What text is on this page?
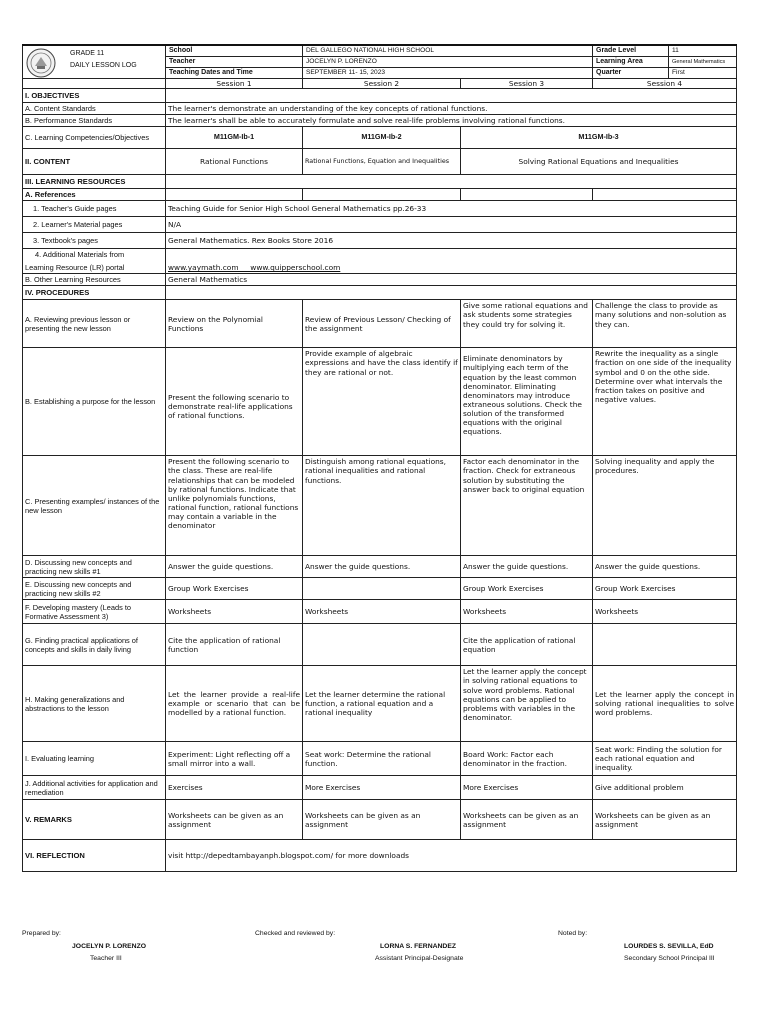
GRADE 11
DAILY LESSON LOG	School	DEL GALLEGO NATIONAL HIGH SCHOOL		Grade Level	11
	Teacher	JOCELYN P. LORENZO		Learning Area	General Mathematics
	Teaching Dates and Time	SEPTEMBER 11- 15, 2023		Quarter	First
	Session 1	Session 2	Session 3	Session 4	
I. OBJECTIVES					
A. Content Standards	The learner's demonstrate an understanding of the key concepts of rational functions.				
B. Performance Standards	The learner's shall be able to accurately formulate and solve real-life problems involving rational functions.				
C. Learning Competencies/Objectives	M11GM-Ib-1	M11GM-Ib-2	M11GM-Ib-3		
II. CONTENT	Rational Functions	Rational Functions, Equation and Inequalities	Solving Rational Equations and Inequalities		
III. LEARNING RESOURCES					
A. References					
1. Teacher's Guide pages	Teaching Guide for Senior High School General Mathematics pp.26-33				
2. Learner's Material pages	N/A				
3. Textbook's pages	General Mathematics. Rex Books Store 2016				

4. Additional Materials from
Learning Resource (LR) portal	www.yaymath.com     www.quipperschool.com				
B. Other Learning Resources	General Mathematics				
IV. PROCEDURES					
A. Reviewing previous lesson or presenting the new lesson	Review on the Polynomial Functions	Review of Previous Lesson/ Checking of the assignment	Give some rational equations and ask students some strategies they could try for solving it.	Challenge the class to provide as many solutions and non-solution as they can.	
B. Establishing a purpose for the lesson	Present the following scenario to demonstrate real-life applications of rational functions.	Provide example of algebraic expressions and have the class identify if they are rational or not.	Eliminate denominators by multiplying each term of the equation by the least common denominator. Eliminating denominators may introduce extraneous solutions. Check the solution of the transformed equations with the original equations.	Rewrite the inequality as a single fraction on one side of the inequality symbol and 0 on the othe side. Determine over what intervals the fraction takes on positive and negative values.	
C. Presenting examples/ instances of the new lesson	Present the following scenario to the class. These are real-life relationships that can be modeled by rational functions. Indicate that unlike polynomials functions, rational function, rational functions may contain a variable in the denominator	Distinguish among rational equations, rational inequalities and rational functions.	Factor each denominator in the fraction. Check for extraneous solution by substituting the answer back to original equation	Solving inequality and apply the procedures.	
D. Discussing new concepts and practicing new skills #1	Answer the guide questions.	Answer the guide questions.	Answer the guide questions.	Answer the guide questions.	
E. Discussing new concepts and practicing new skills #2	Group Work Exercises		Group Work Exercises	Group Work Exercises	
F. Developing mastery (Leads to Formative Assessment 3)	Worksheets	Worksheets	Worksheets	Worksheets	
G. Finding practical applications of concepts and skills in daily living	Cite the application of rational function		Cite the application of rational equation		
H. Making generalizations and abstractions to the lesson	Let the learner provide a real-life example or scenario that can be modelled by a rational function.	Let the learner determine the rational function, a rational equation and a rational inequality	Let the learner apply the concept in solving rational equations to solve word problems. Rational equations can be applied to problems with variables in the denominator.	Let the learner apply the concept in solving rational inequalities to solve word problems.	
I. Evaluating learning	Experiment: Light reflecting off a small mirror into a wall.	Seat work: Determine the rational function.	Board Work: Factor each denominator in the fraction.	Seat work: Finding the solution for each rational equation and inequality.	
J. Additional activities for application and remediation	Exercises	More Exercises	More Exercises	Give additional problem	
V. REMARKS	Worksheets can be given as an assignment	Worksheets can be given as an assignment	Worksheets can be given as an assignment	Worksheets can be given as an assignment	
VI. REFLECTION	visit http://depedtambayanph.blogspot.com/ for more downloads				
Prepared by:
JOCELYN P. LORENZO
Teacher III
Checked and reviewed by:
LORNA S. FERNANDEZ
Assistant Principal-Designate
Noted by:
LOURDES S. SEVILLA, EdD
Secondary School Principal III
